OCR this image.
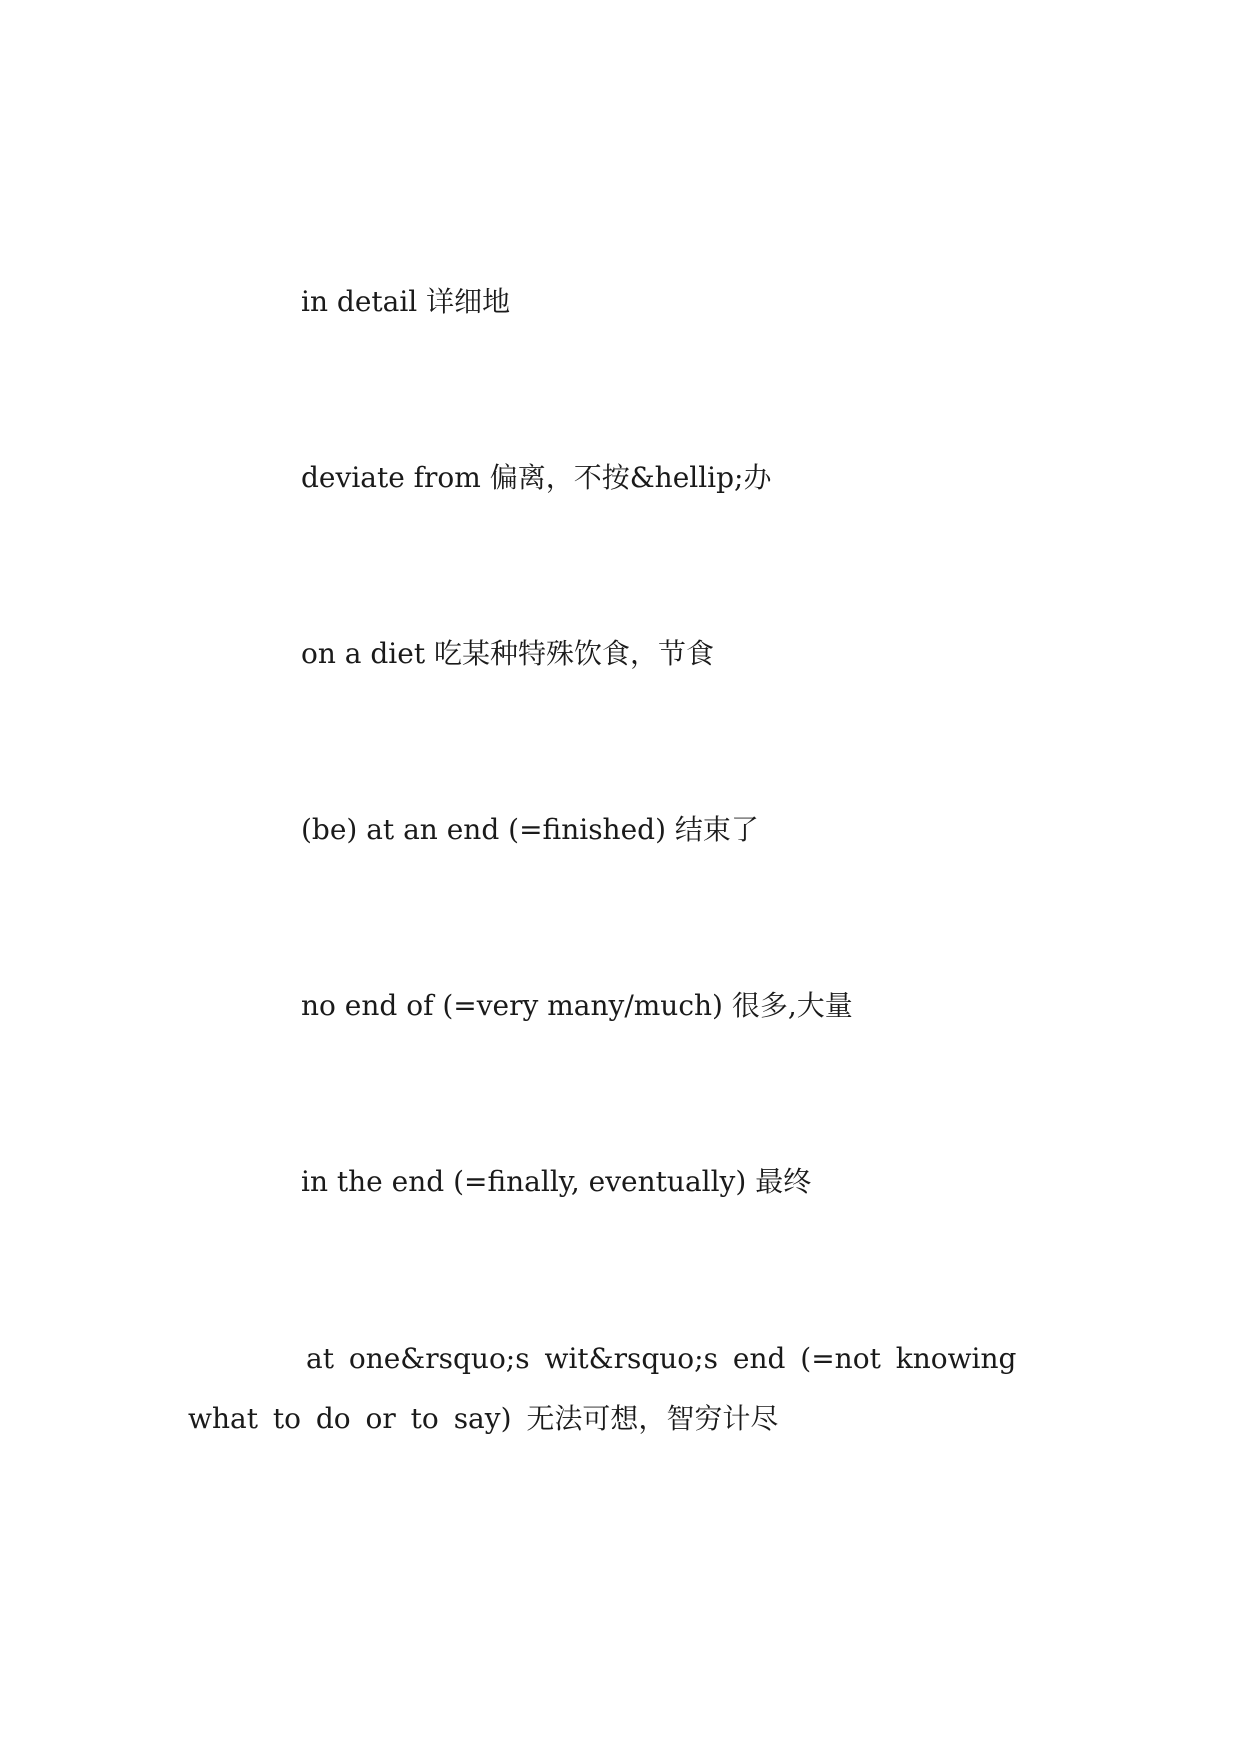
in detail 详细地

deviate from 偏离，不按&hellip;办

on a diet 吃某种特殊饮食，节食

(be) at an end (=finished) 结束了

no end of (=very many/much) 很多,大量

in the end (=finally, eventually) 最终

at one&rsquo;s wit&rsquo;s end (=not knowing what to do or to say) 无法可想，智穷计尽
